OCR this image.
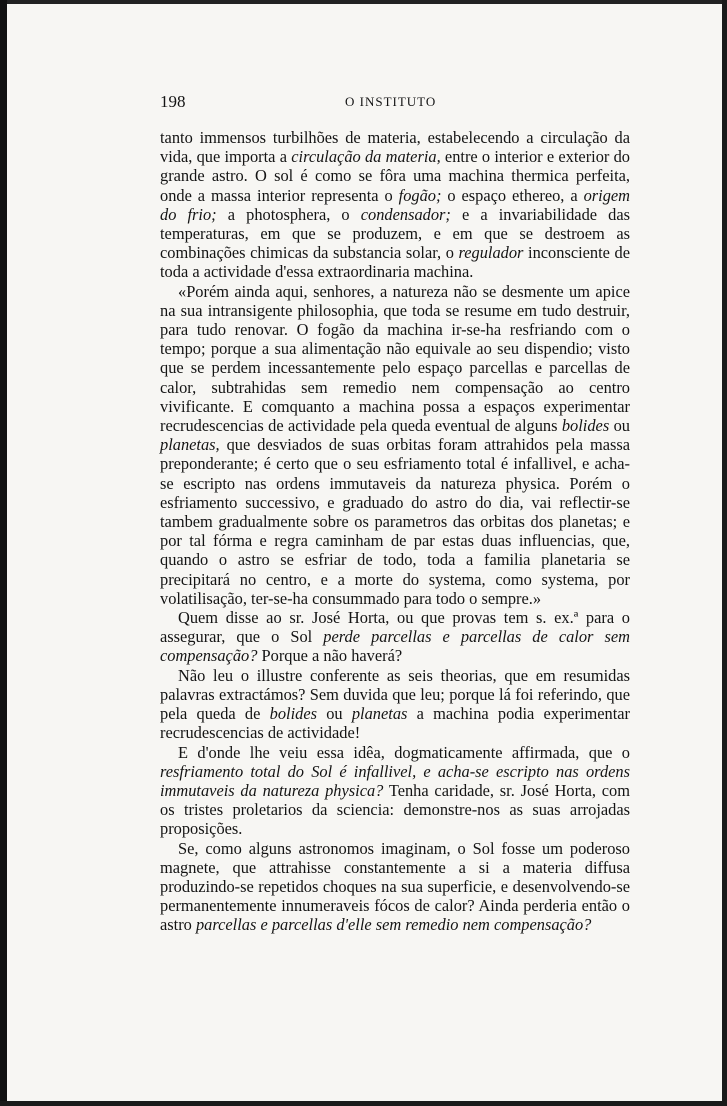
198	O INSTITUTO

tanto immensos turbilhões de materia, estabelecendo a circulação da vida, que importa a circulação da materia, entre o interior e exterior do grande astro. O sol é como se fôra uma machina thermica perfeita, onde a massa interior representa o fogão; o espaço ethereo, a origem do frio; a photosphera, o condensador; e a invariabilidade das temperaturas, em que se produzem, e em que se destroem as combinações chimicas da substancia solar, o regulador inconsciente de toda a actividade d'essa extraordinaria machina.

«Porém ainda aqui, senhores, a natureza não se desmente um apice na sua intransigente philosophia, que toda se resume em tudo destruir, para tudo renovar. O fogão da machina ir-se-ha resfriando com o tempo; porque a sua alimentação não equivale ao seu dispendio; visto que se perdem incessantemente pelo espaço parcellas e parcellas de calor, subtrahidas sem remedio nem compensação ao centro vivificante. E comquanto a machina possa a espaços experimentar recrudescencias de actividade pela queda eventual de alguns bolides ou planetas, que desviados de suas orbitas foram attrahidos pela massa preponderante; é certo que o seu esfriamento total é infallivel, e acha-se escripto nas ordens immutaveis da natureza physica. Porém o esfriamento successivo, e graduado do astro do dia, vai reflectir-se tambem gradualmente sobre os parametros das orbitas dos planetas; e por tal fórma e regra caminham de par estas duas influencias, que, quando o astro se esfriar de todo, toda a familia planetaria se precipitará no centro, e a morte do systema, como systema, por volatilisação, ter-se-ha consummado para todo o sempre.»

Quem disse ao sr. José Horta, ou que provas tem s. ex.ª para o assegurar, que o Sol perde parcellas e parcellas de calor sem compensação? Porque a não haverá?

Não leu o illustre conferente as seis theorias, que em resumidas palavras extractámos? Sem duvida que leu; porque lá foi referindo, que pela queda de bolides ou planetas a machina podia experimentar recrudescencias de actividade!

E d'onde lhe veiu essa idêa, dogmaticamente affirmada, que o resfriamento total do Sol é infallivel, e acha-se escripto nas ordens immutaveis da natureza physica? Tenha caridade, sr. José Horta, com os tristes proletarios da sciencia: demonstre-nos as suas arrojadas proposições.

Se, como alguns astronomos imaginam, o Sol fosse um poderoso magnete, que attrahisse constantemente a si a materia diffusa produzindo-se repetidos choques na sua superficie, e desenvolvendo-se permanentemente innumeraveis fócos de calor? Ainda perderia então o astro parcellas e parcellas d'elle sem remedio nem compensação?
